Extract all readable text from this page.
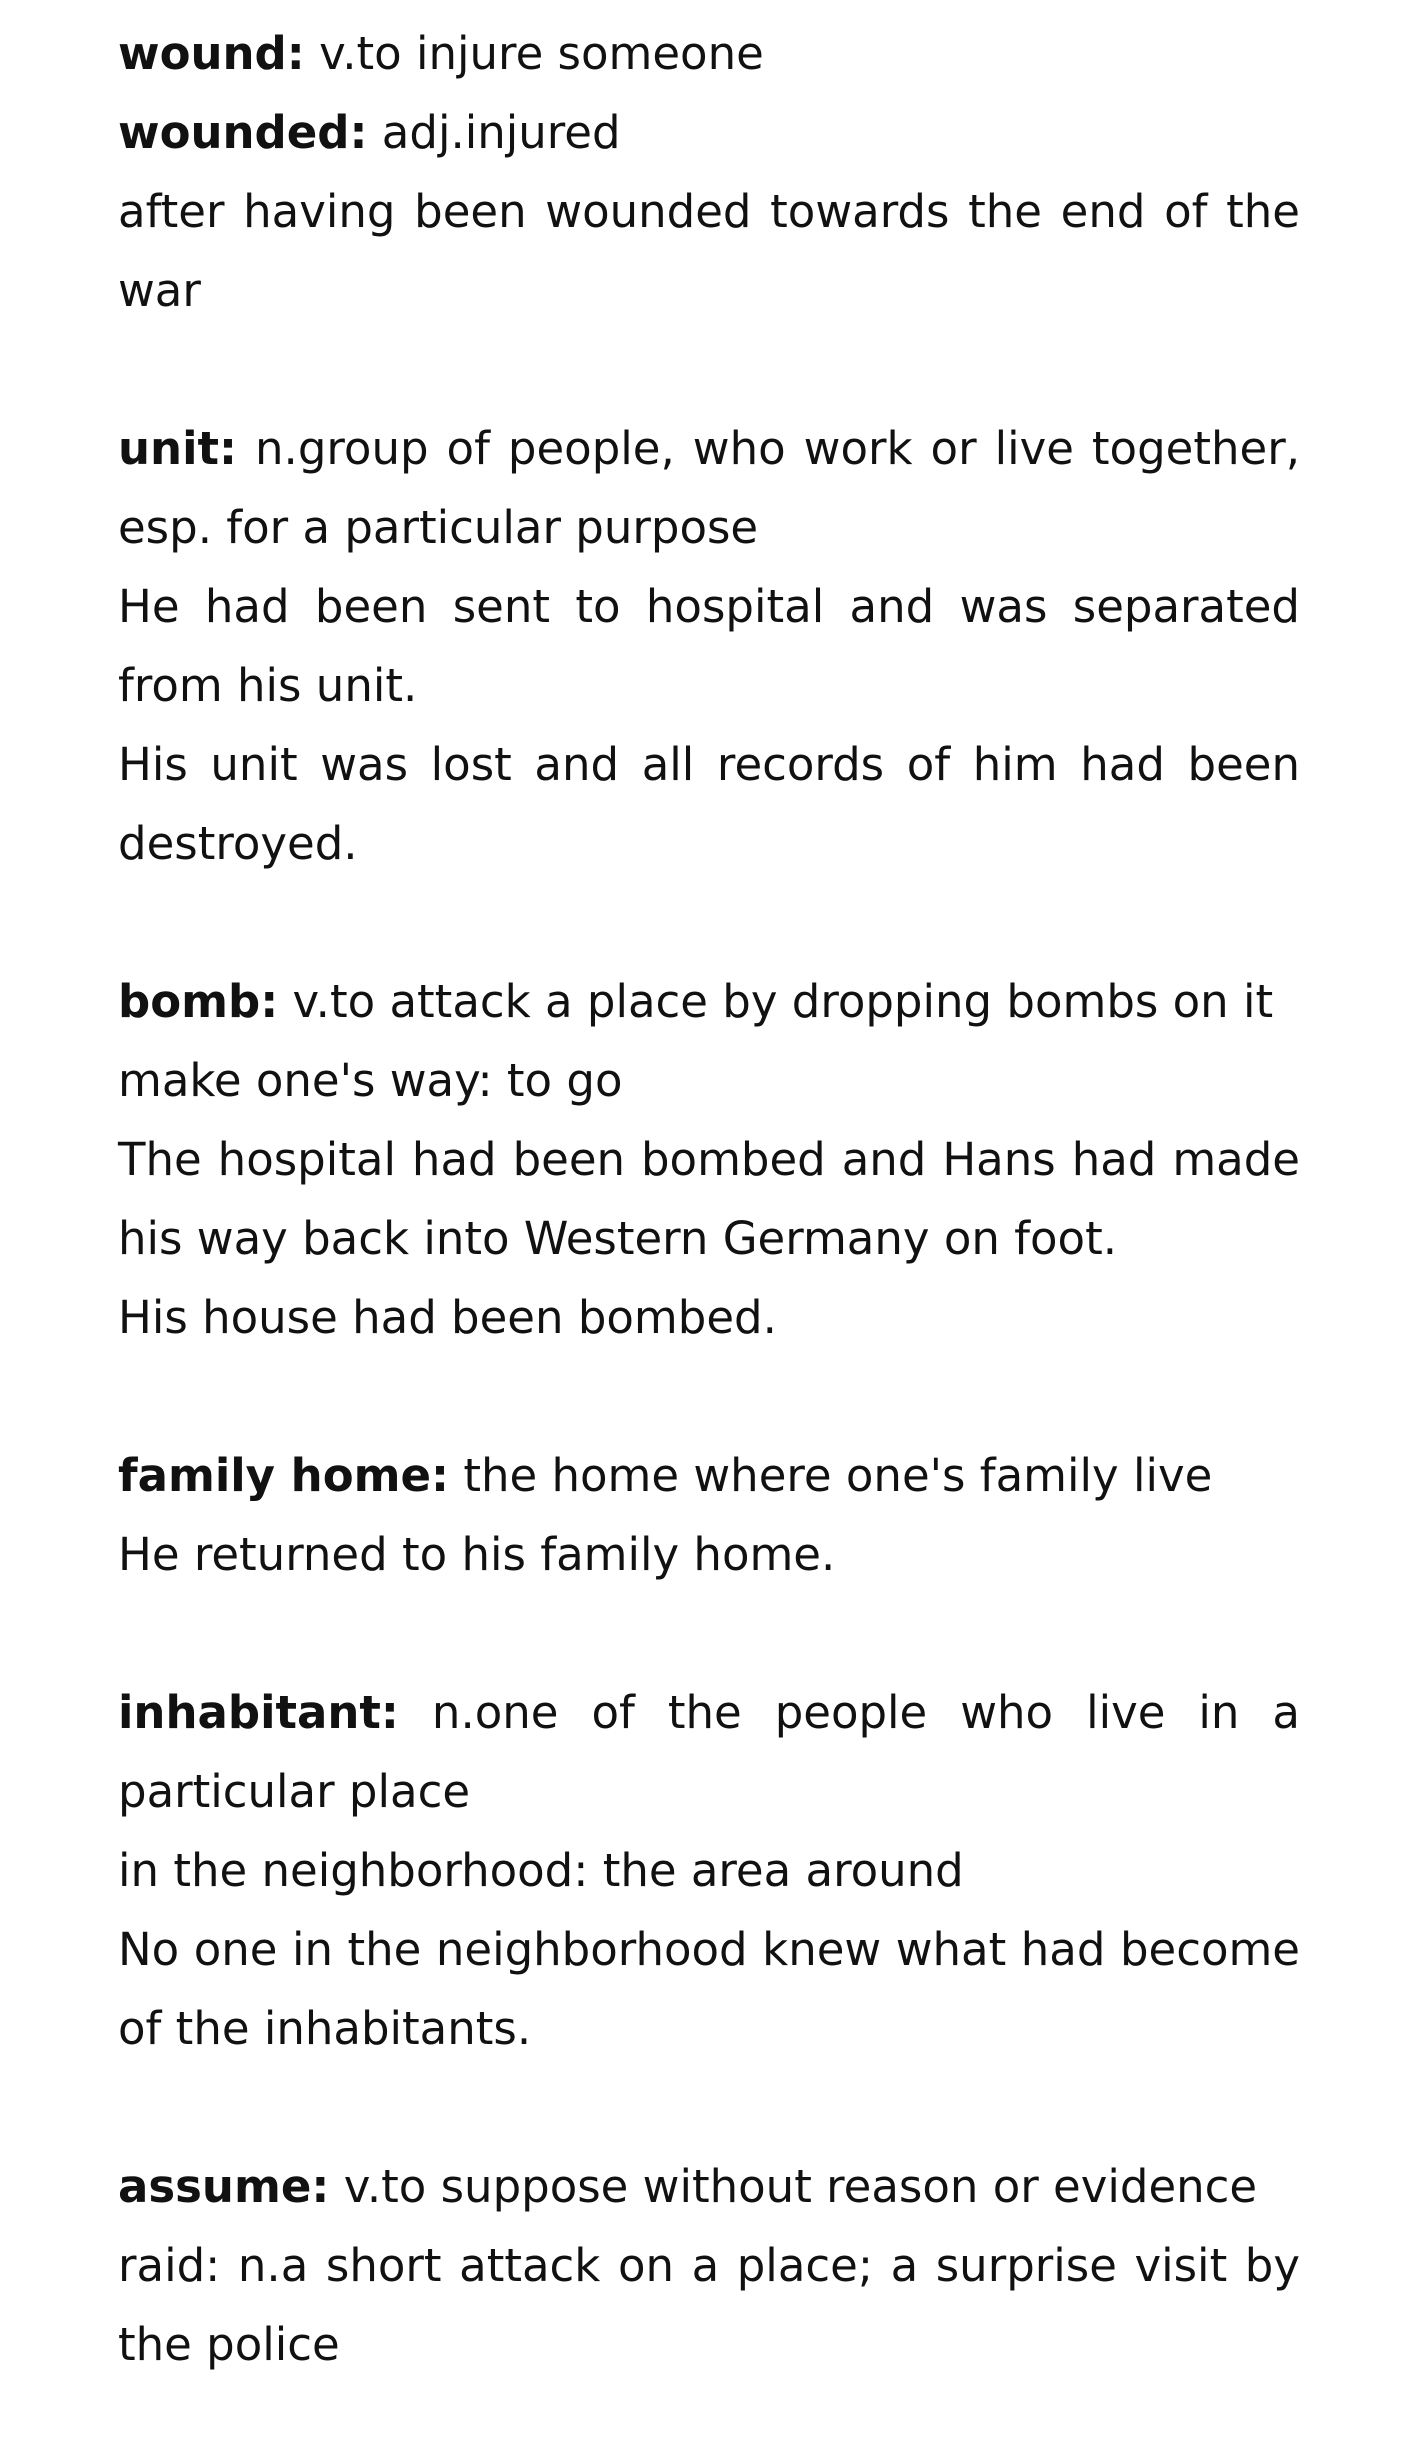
wound: v.to injure someone

wounded: adj.injured

after having been wounded towards the end of the war

unit: n.group of people, who work or live together, esp. for a particular purpose

He had been sent to hospital and was separated from his unit.

His unit was lost and all records of him had been destroyed.

bomb: v.to attack a place by dropping bombs on it

make one's way: to go

The hospital had been bombed and Hans had made his way back into Western Germany on foot.

His house had been bombed.

family home: the home where one's family live

He returned to his family home.

inhabitant: n.one of the people who live in a particular place

in the neighborhood: the area around

No one in the neighborhood knew what had become of the inhabitants.

assume: v.to suppose without reason or evidence

raid: n.a short attack on a place; a surprise visit by the police
